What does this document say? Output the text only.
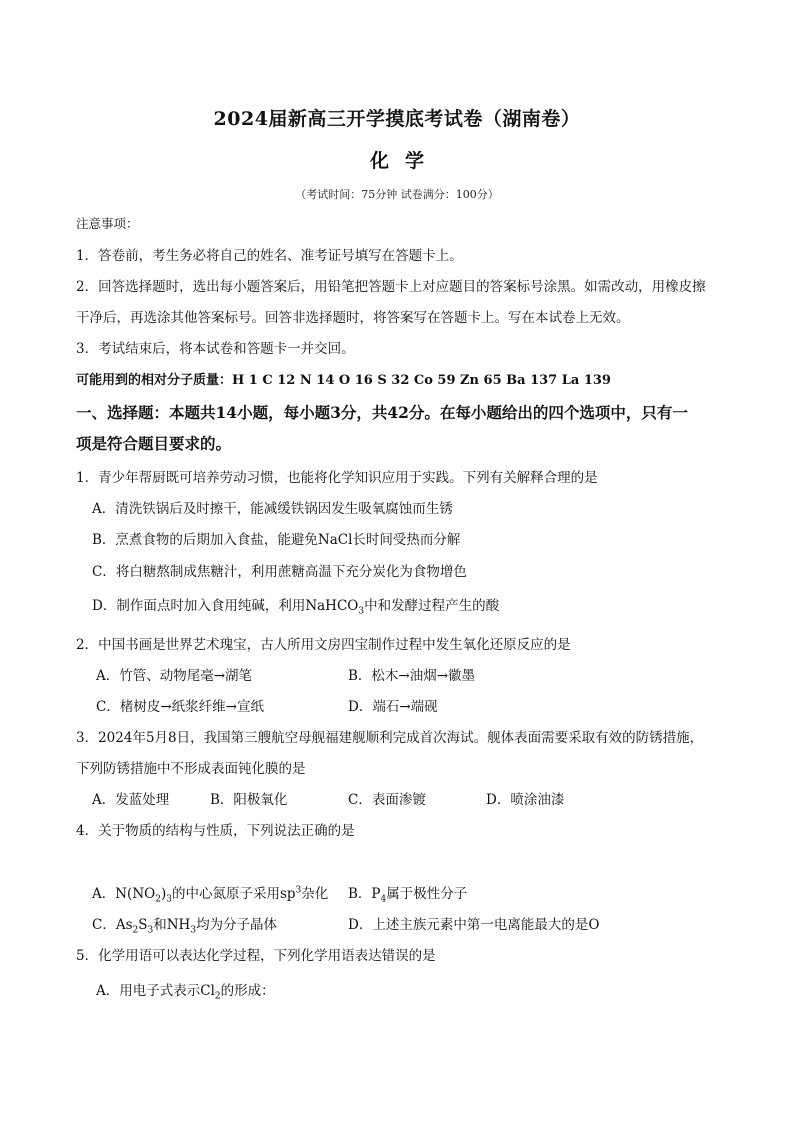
2024届新高三开学摸底考试卷（湖南卷）
化学
（考试时间：75分钟 试卷满分：100分）
注意事项：
1．答卷前，考生务必将自己的姓名、准考证号填写在答题卡上。
2．回答选择题时，选出每小题答案后，用铅笔把答题卡上对应题目的答案标号涂黑。如需改动，用橡皮擦
干净后，再选涂其他答案标号。回答非选择题时，将答案写在答题卡上。写在本试卷上无效。
3．考试结束后，将本试卷和答题卡一并交回。
可能用到的相对分子质量：H 1 C 12 N 14 O 16 S 32 Co 59 Zn 65 Ba 137 La 139
一、选择题：本题共14小题，每小题3分，共42分。在每小题给出的四个选项中，只有一
项是符合题目要求的。
1．青少年帮厨既可培养劳动习惯，也能将化学知识应用于实践。下列有关解释合理的是
A．清洗铁锅后及时擦干，能减缓铁锅因发生吸氧腐蚀而生锈
B．烹煮食物的后期加入食盐，能避免NaCl长时间受热而分解
C．将白糖熬制成焦糖汁，利用蔗糖高温下充分炭化为食物增色
D．制作面点时加入食用纯碱，利用NaHCO$_3$中和发酵过程产生的酸
2．中国书画是世界艺术瑰宝，古人所用文房四宝制作过程中发生氧化还原反应的是
A．竹管、动物尾毫→湖笔	B．松木→油烟→徽墨
C．楮树皮→纸浆纤维→宣纸	D．端石→端砚
3．2024年5月8日，我国第三艘航空母舰福建舰顺利完成首次海试。舰体表面需要采取有效的防锈措施，
下列防锈措施中不形成表面钝化膜的是
A．发蓝处理	B．阳极氧化	C．表面渗镀	D．喷涂油漆
4．关于物质的结构与性质，下列说法正确的是
A．$N(NO_2)_3$的中心氮原子采用$sp^3$杂化 B．$P_4$属于极性分子
C．$As_2S_3$和$NH_3$均为分子晶体	D．上述主族元素中第一电离能最大的是O
5．化学用语可以表达化学过程，下列化学用语表达错误的是
A．用电子式表示$Cl_2$的形成：
